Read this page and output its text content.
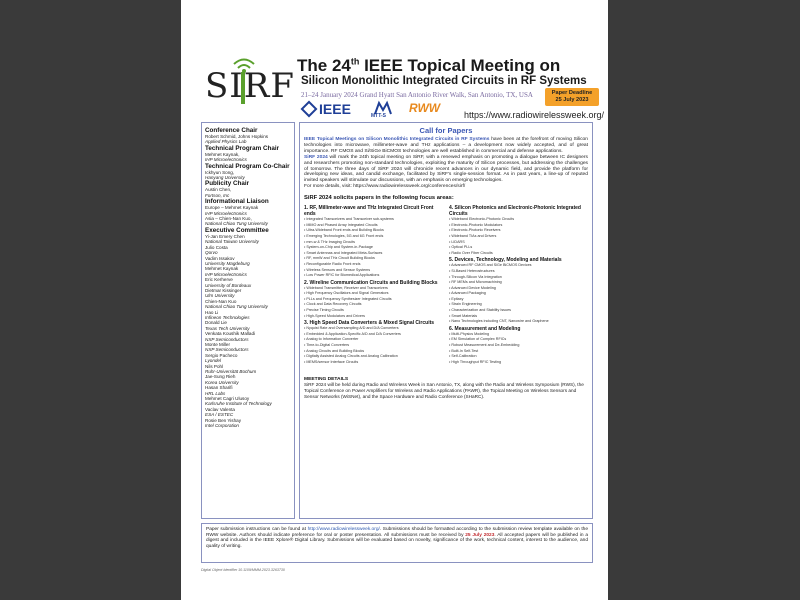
SIRF
The 24th IEEE Topical Meeting on
Silicon Monolithic Integrated Circuits in RF Systems
21–24 January 2024 Grand Hyatt San Antonio River Walk, San Antonio, TX, USA	Paper Deadline
25 July 2023
IEEE	MTT-S
RWW	https://www.radiowirelessweek.org/
Conference Chair
Robert Schmid, Johns Hopkins
Applied Physics Lab
Technical Program Chair
Mehmet Kaynak,
IHP Microelectronics
Technical Program Co-Chair
Ickhyun Song,
Hanyang University
Publicity Chair
Austin Chen,
Fortson, Inc
Informational Liaison
Europe – Mehmet Kaynak
IHP Microelectronics
Asia – Chien-Nan Kuo,
National Chiao Tung University
Executive Committee
Yi-Jan Emery Chen
National Taiwan University
Julio Costa
Qorvo
Vadim Issakov
University Magdeburg
Mehmet Kaynak
IHP Microelectronics
Eric Kerherve
University of Bordeaux
Dietmar Kissinger
Ulm University
Chien-Nan Kuo
National Chiao Tung University
Hao Li
Infineon Technologies
Donald Lie
Texas Tech University
Venkata Koushik Malladi
NXP Semiconductors
Monte Miller
NXP Semiconductors
Sergio Pacheco
Lyondel
Nils Pohl
Ruhr-Universität Bochum
Jae-Sung Rieh
Korea University
Hasan Sharifi
HRL Labs
Mehmet Cagri Ulusoy
Karlsruhe Institute of Technology
Vaclav Valenta
ESA / ESTEC
Rosie Ben Yishay
Intel Corporation
Call for Papers
IEEE Topical Meetings on Silicon Monolithic Integrated Circuits in RF Systems have been at the forefront of moving Silicon technologies into microwave, millimeter-wave and THz applications – a development now widely accepted, and of great importance. RF CMOS and Si/SiGe BiCMOS technologies are well established in commercial and defense applications.
SiRF 2024 will mark the 24th topical meeting on SiRF, with a renewed emphasis on promoting a dialogue between IC designers and researchers promoting non-standard technologies, exploiting the maturity of Silicon processes, but addressing the challenges of tomorrow. The three days of SiRF 2024 will chronicle recent advances in our dynamic field, and provide the platform for developing new ideas, and candid exchange, facilitated by SiRF's single-session format. As in past years, a line-up of reputed invited speakers will stimulate our discussions, with an emphasis on emerging technologies.
For more details, visit: https://www.radiowirelessweek.org/conferences/sirf/
SiRF 2024 solicits papers in the following focus areas:
1. RF, Millimeter-wave and THz Integrated Circuit Front ends
• Integrated Transceivers and Transceiver sub-systems
• MIMO and Phased Array Integrated Circuits
• Ultra-Wideband Front ends and Building Blocks
• Emerging Technologies, 5G and 6G Front ends
• mm-w & THz Imaging Circuits
• System-on-Chip and System-in-Package
• Smart Antennas and Integrated Meta-Surfaces
• RF, mmW and THz Circuit Building Blocks
• Reconfigurable Radio Front ends
• Wireless Sensors and Sensor Systems
• Low Power RFIC for Biomedical Applications
2. Wireline Communication Circuits and Building Blocks
• Wideband Transmitter, Receiver and Transceivers
• High Frequency Oscillators and Signal Generators
• PLLs and Frequency Synthesizer Integrated Circuits
• Clock and Data Recovery Circuits
• Precise Timing Circuits
• High-Speed Modulators and Drivers
3. High Speed Data Converters & Mixed Signal Circuits
• Nyquist Rate and Oversampling A/D and D/A Converters
• Embedded & Application-Specific A/D and D/A Converters
• Analog to Information Converter
• Time-to-Digital Converters
• Analog Circuits and Building Blocks
• Digitally Assisted Analog Circuits and Analog Calibration
• MEMS/sensor Interface Circuits
4. Silicon Photonics and Electronic-Photonic Integrated Circuits
• Wideband Electronic-Photonic Circuits
• Electronic-Photonic Modulators
• Electronic-Photonic Receivers
• Wideband TIAs and Drivers
• LIDARS
• Optical PLLs
• Radio Over Fiber Circuits
5. Devices, Technology, Modeling and Materials
• Advanced RF CMOS and SiGe BiCMOS Devices
• Si-Based Heterostructures
• Through-Silicon Via Integration
• RF MEMs and Micromachining
• Advanced Device Modeling
• Advanced Packaging
• Epitaxy
• Strain Engineering
• Characterization and Stability Issues
• Smart Materials
• Nano Technologies including CNT, Nanowire and Graphene
6. Measurement and Modeling
• Multi-Physics Modeling
• EM Simulation of Complex RFICs
• Robust Measurement and De-Embedding
• Built-In Self-Test
• Self-Calibration
• High Throughput RFIC Testing
MEETING DETAILS
SiRF 2024 will be held during Radio and Wireless Week in San Antonio, TX, along with the Radio and Wireless Symposium (RWS), the Topical Conference on Power Amplifiers for Wireless and Radio Applications (PAWR), the Topical Meeting on Wireless Sensors and Sensor Networks (WiSNet), and the Space Hardware and Radio Conference (SHaRC).
Paper submission instructions can be found at http://www.radiowirelessweek.org/. Submissions should be formatted according to the submission review template available on the RWW website. Authors should indicate preference for oral or poster presentation. All submissions must be received by 25 July 2023. All accepted papers will be published in a digest and included in the IEEE Xplore® Digital Library. Submissions will be evaluated based on novelty, significance of the work, technical content, interest to the audience, and quality of writing.
Digital Object Identifier 10.1109/MMM.2023.3263730
